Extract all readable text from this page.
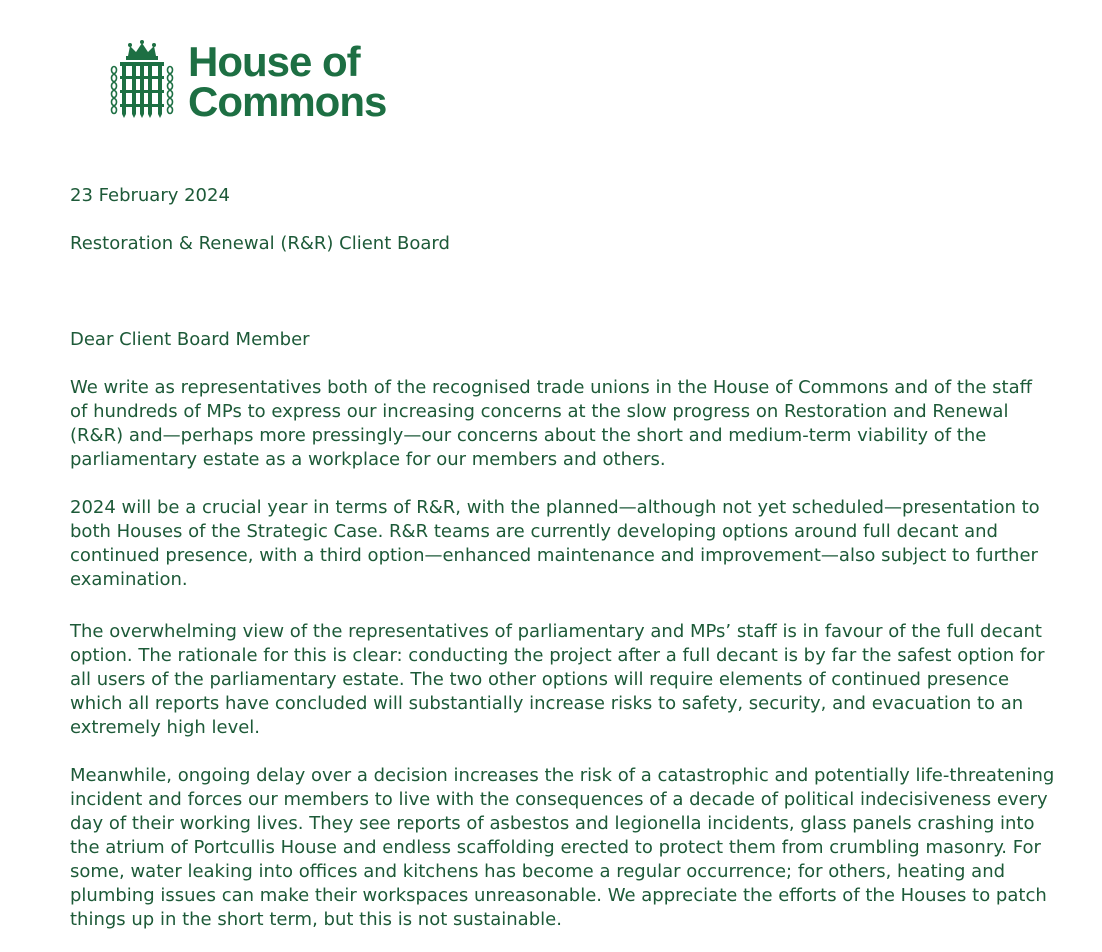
House of
Commons

23 February 2024

Restoration & Renewal (R&R) Client Board

Dear Client Board Member

We write as representatives both of the recognised trade unions in the House of Commons and of the staff
of hundreds of MPs to express our increasing concerns at the slow progress on Restoration and Renewal
(R&R) and—perhaps more pressingly—our concerns about the short and medium-term viability of the
parliamentary estate as a workplace for our members and others.

2024 will be a crucial year in terms of R&R, with the planned—although not yet scheduled—presentation to
both Houses of the Strategic Case. R&R teams are currently developing options around full decant and
continued presence, with a third option—enhanced maintenance and improvement—also subject to further
examination.

The overwhelming view of the representatives of parliamentary and MPs’ staff is in favour of the full decant
option. The rationale for this is clear: conducting the project after a full decant is by far the safest option for
all users of the parliamentary estate. The two other options will require elements of continued presence
which all reports have concluded will substantially increase risks to safety, security, and evacuation to an
extremely high level.

Meanwhile, ongoing delay over a decision increases the risk of a catastrophic and potentially life-threatening
incident and forces our members to live with the consequences of a decade of political indecisiveness every
day of their working lives. They see reports of asbestos and legionella incidents, glass panels crashing into
the atrium of Portcullis House and endless scaffolding erected to protect them from crumbling masonry. For
some, water leaking into offices and kitchens has become a regular occurrence; for others, heating and
plumbing issues can make their workspaces unreasonable. We appreciate the efforts of the Houses to patch
things up in the short term, but this is not sustainable.
